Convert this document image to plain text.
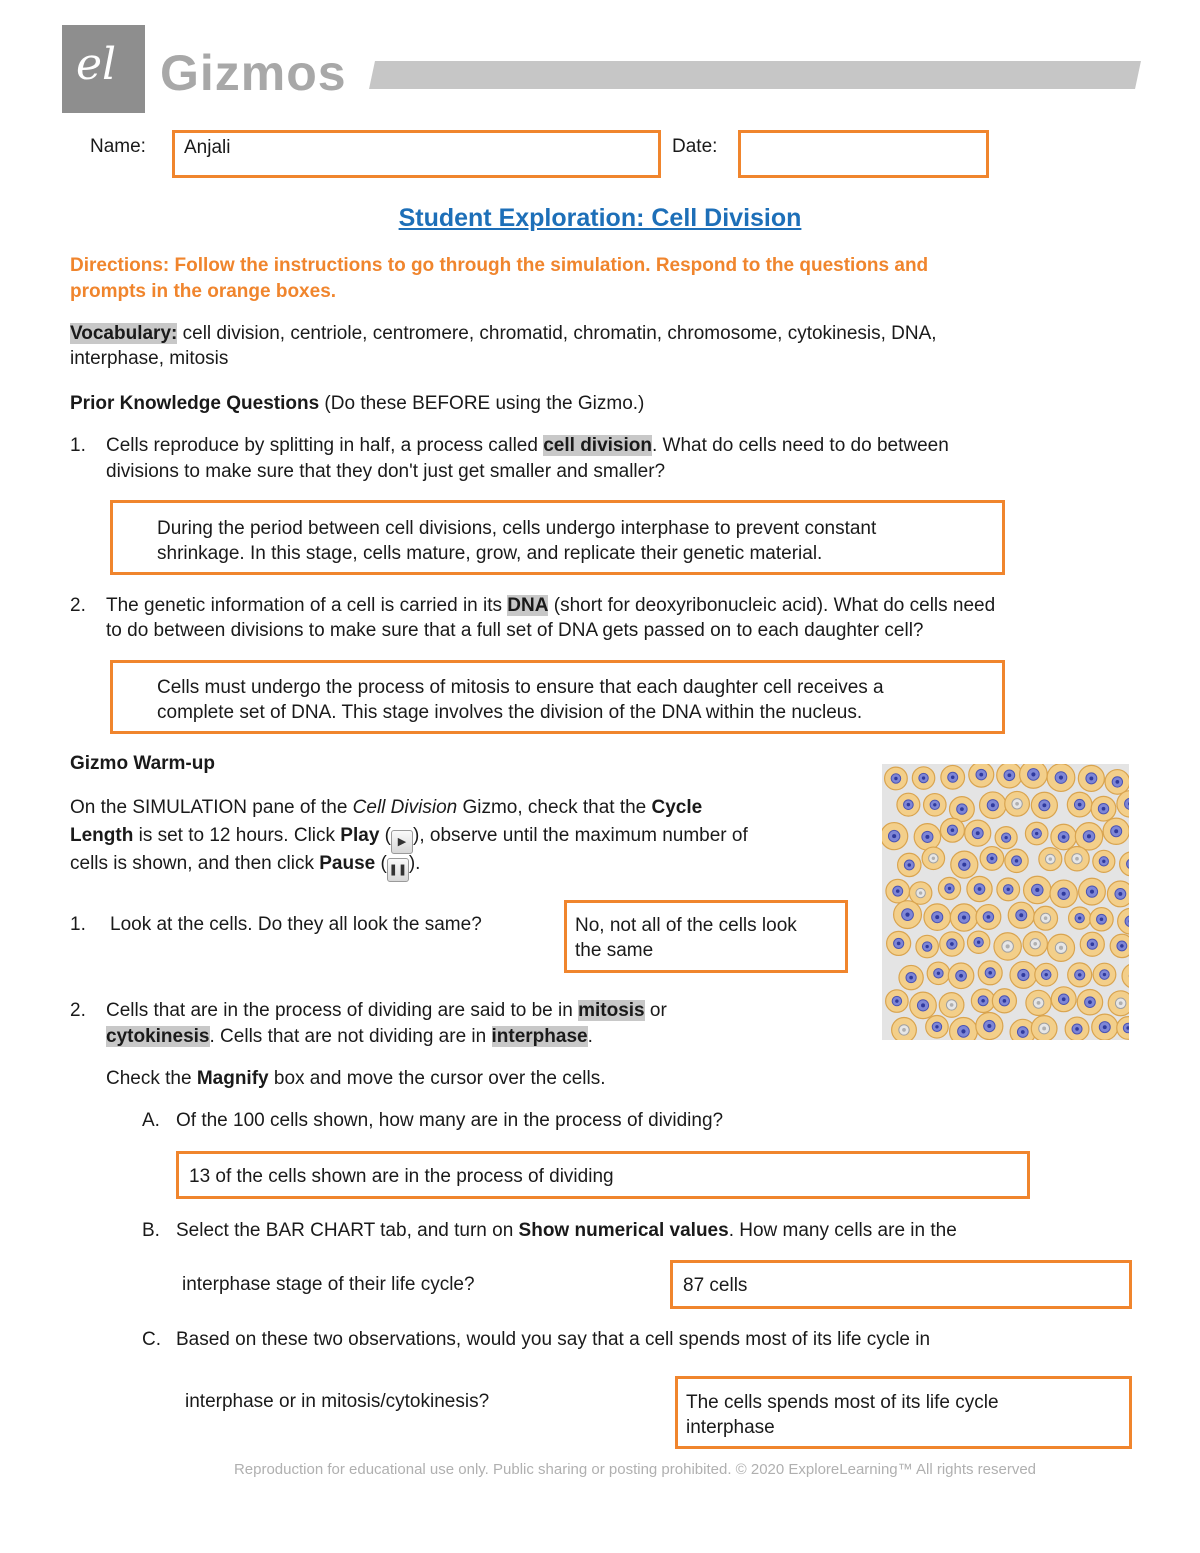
el Gizmos
Name: Anjali	Date:
Student Exploration: Cell Division
Directions: Follow the instructions to go through the simulation. Respond to the questions and
prompts in the orange boxes.
Vocabulary: cell division, centriole, centromere, chromatid, chromatin, chromosome, cytokinesis, DNA,
interphase, mitosis
Prior Knowledge Questions (Do these BEFORE using the Gizmo.)
1. Cells reproduce by splitting in half, a process called cell division. What do cells need to do between
divisions to make sure that they don't just get smaller and smaller?
During the period between cell divisions, cells undergo interphase to prevent constant
shrinkage. In this stage, cells mature, grow, and replicate their genetic material.
2. The genetic information of a cell is carried in its DNA (short for deoxyribonucleic acid). What do cells need
to do between divisions to make sure that a full set of DNA gets passed on to each daughter cell?
Cells must undergo the process of mitosis to ensure that each daughter cell receives a
complete set of DNA. This stage involves the division of the DNA within the nucleus.
Gizmo Warm-up
On the SIMULATION pane of the Cell Division Gizmo, check that the Cycle
Length is set to 12 hours. Click Play ( ▶ ), observe until the maximum number of
cells is shown, and then click Pause ( ❚❚).
1. Look at the cells. Do they all look the same?	No, not all of the cells look
the same
2. Cells that are in the process of dividing are said to be in mitosis or
cytokinesis. Cells that are not dividing are in interphase.
Check the Magnify box and move the cursor over the cells.
A. Of the 100 cells shown, how many are in the process of dividing?
13 of the cells shown are in the process of dividing
B. Select the BAR CHART tab, and turn on Show numerical values. How many cells are in the
interphase stage of their life cycle?	87 cells
C. Based on these two observations, would you say that a cell spends most of its life cycle in
interphase or in mitosis/cytokinesis?	The cells spends most of its life cycle
interphase
Reproduction for educational use only. Public sharing or posting prohibited. © 2020 ExploreLearning™ All rights reserved
